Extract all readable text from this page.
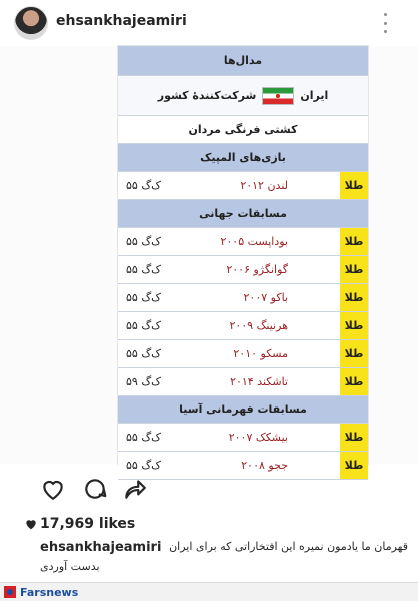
ehsankhajeamiri
مدال‌ها
شرکت‌کنندهٔ کشور	ایران
کشتی فرنگی مردان
بازی‌های المپیک
طلا
لندن ۲۰۱۲
۵۵ ک‌گ
مسابقات جهانی
طلا
بوداپست ۲۰۰۵
۵۵ ک‌گ
طلا
گوانگژو ۲۰۰۶
۵۵ ک‌گ
طلا
باکو ۲۰۰۷
۵۵ ک‌گ
طلا
هرنینگ ۲۰۰۹
۵۵ ک‌گ
طلا
مسکو ۲۰۱۰
۵۵ ک‌گ
طلا
تاشکند ۲۰۱۴
۵۹ ک‌گ
مسابقات قهرمانی آسیا
طلا
۲۰۰۷ بیشکک
۵۵ ک‌گ
طلا
۲۰۰۸ ججو
۵۵ ک‌گ
17,969 likes
ehsankhajeamiri قهرمان ما یادمون نمیره این افتخاراتی که برای ایران
بدست آوردی
Farsnews
